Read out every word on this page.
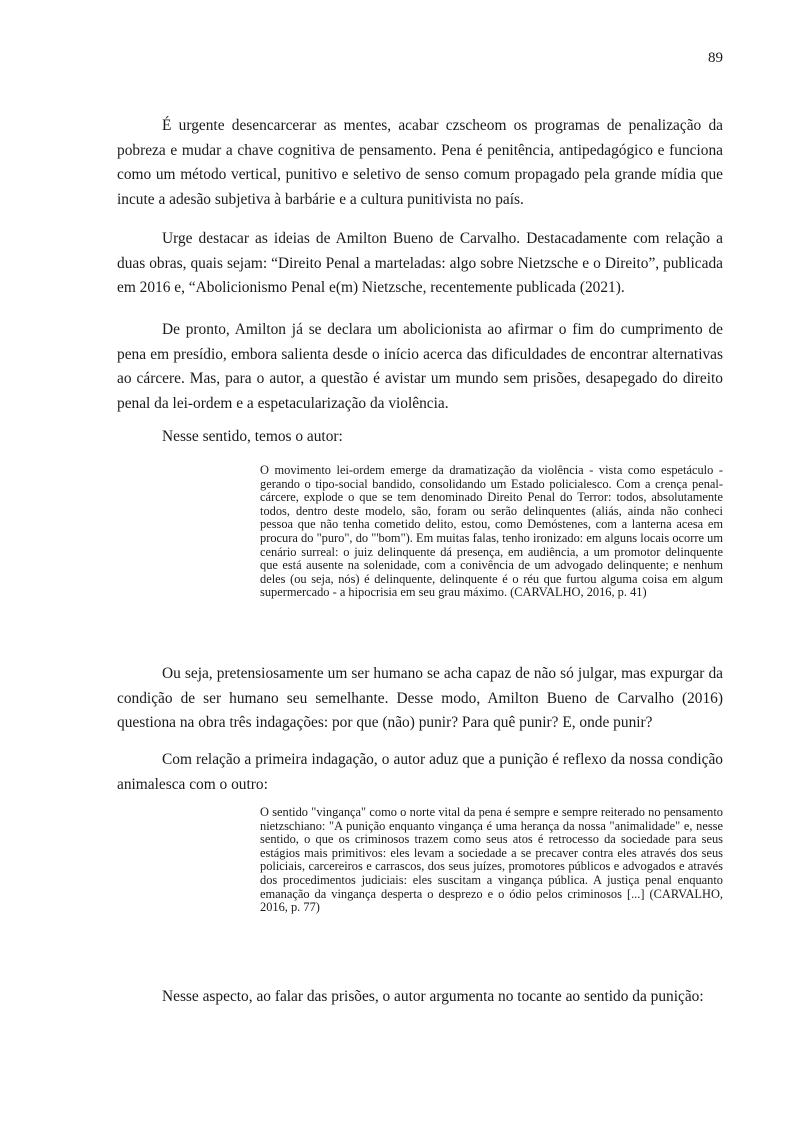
89

É urgente desencarcerar as mentes, acabar czscheom os programas de penalização da pobreza e mudar a chave cognitiva de pensamento. Pena é penitência, antipedagógico e funciona como um método vertical, punitivo e seletivo de senso comum propagado pela grande mídia que incute a adesão subjetiva à barbárie e a cultura punitivista no país.

Urge destacar as ideias de Amilton Bueno de Carvalho. Destacadamente com relação a duas obras, quais sejam: “Direito Penal a marteladas: algo sobre Nietzsche e o Direito”, publicada em 2016 e, “Abolicionismo Penal e(m) Nietzsche, recentemente publicada (2021).

De pronto, Amilton já se declara um abolicionista ao afirmar o fim do cumprimento de pena em presídio, embora salienta desde o início acerca das dificuldades de encontrar alternativas ao cárcere. Mas, para o autor, a questão é avistar um mundo sem prisões, desapegado do direito penal da lei-ordem e a espetacularização da violência.

Nesse sentido, temos o autor:

O movimento lei-ordem emerge da dramatização da violência - vista como espetáculo - gerando o tipo-social bandido, consolidando um Estado policialesco. Com a crença penal-cárcere, explode o que se tem denominado Direito Penal do Terror: todos, absolutamente todos, dentro deste modelo, são, foram ou serão delinquentes (aliás, ainda não conheci pessoa que não tenha cometido delito, estou, como Demóstenes, com a lanterna acesa em procura do "puro", do "'bom"). Em muitas falas, tenho ironizado: em alguns locais ocorre um cenário surreal: o juiz delinquente dá presença, em audiência, a um promotor delinquente que está ausente na solenidade, com a conivência de um advogado delinquente; e nenhum deles (ou seja, nós) é delinquente, delinquente é o réu que furtou alguma coisa em algum supermercado - a hipocrisia em seu grau máximo. (CARVALHO, 2016, p. 41)

Ou seja, pretensiosamente um ser humano se acha capaz de não só julgar, mas expurgar da condição de ser humano seu semelhante. Desse modo, Amilton Bueno de Carvalho (2016) questiona na obra três indagações: por que (não) punir? Para quê punir? E, onde punir?

Com relação a primeira indagação, o autor aduz que a punição é reflexo da nossa condição animalesca com o outro:

O sentido "vingança" como o norte vital da pena é sempre e sempre reiterado no pensamento nietzschiano: "A punição enquanto vingança é uma herança da nossa "animalidade" e, nesse sentido, o que os criminosos trazem como seus atos é retrocesso da sociedade para seus estágios mais primitivos: eles levam a sociedade a se precaver contra eles através dos seus policiais, carcereiros e carrascos, dos seus juízes, promotores públicos e advogados e através dos procedimentos judiciais: eles suscitam a vingança pública. A justiça penal enquanto emanação da vingança desperta o desprezo e o ódio pelos criminosos [...] (CARVALHO, 2016, p. 77)

Nesse aspecto, ao falar das prisões, o autor argumenta no tocante ao sentido da punição:
